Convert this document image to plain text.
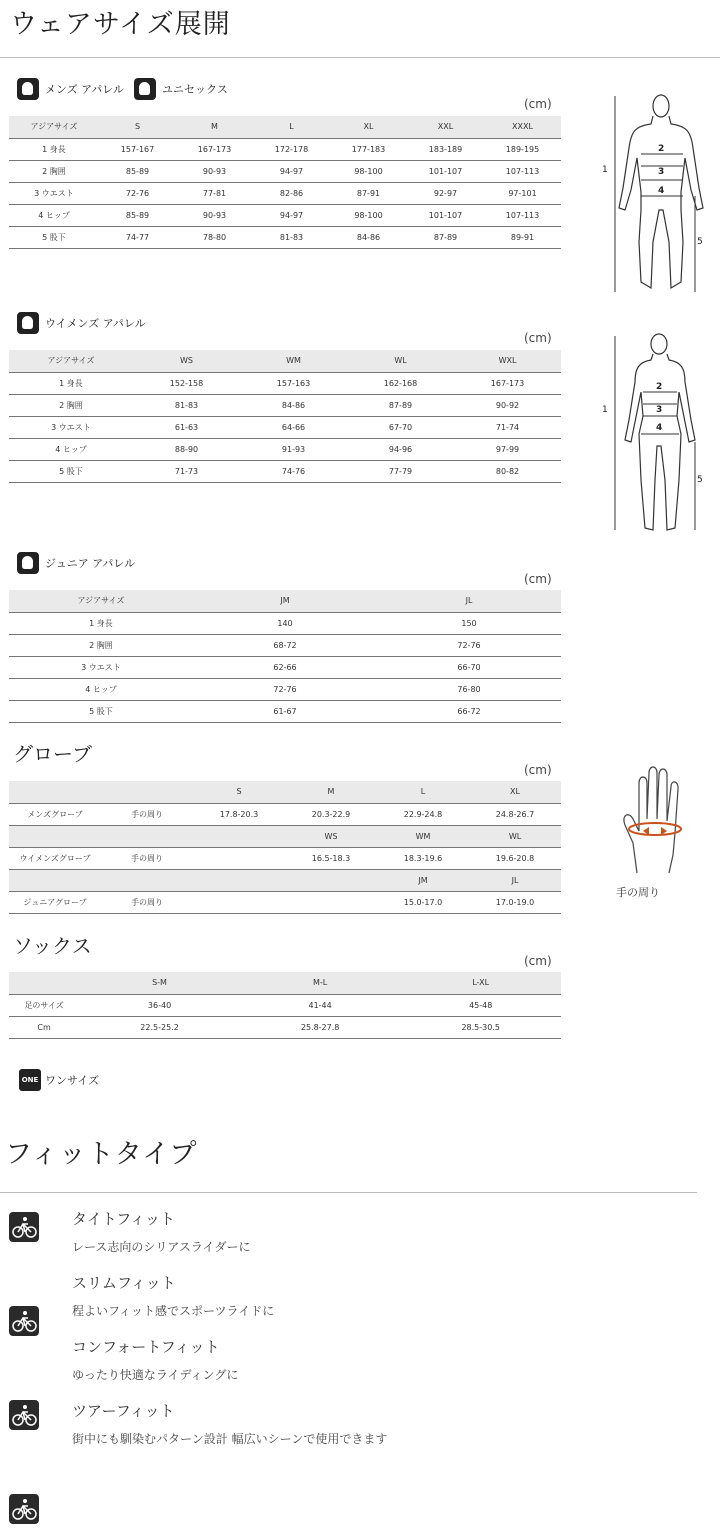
ウェアサイズ展開
メンズ アパレル	ユニセックス
(cm)
アジアサイズ	S	M	L	XL	XXL	XXXL
1 身長	157-167	167-173	172-178	177-183	183-189	189-195
2 胸囲	85-89	90-93	94-97	98-100	101-107	107-113
3 ウエスト	72-76	77-81	82-86	87-91	92-97	97-101
4 ヒップ	85-89	90-93	94-97	98-100	101-107	107-113
5 股下	74-77	78-80	81-83	84-86	87-89	89-91
1
2
3
4
5
ウイメンズ アパレル
(cm)
アジアサイズ	WS	WM	WL	WXL
1 身長	152-158	157-163	162-168	167-173
2 胸囲	81-83	84-86	87-89	90-92
3 ウエスト	61-63	64-66	67-70	71-74
4 ヒップ	88-90	91-93	94-96	97-99
5 股下	71-73	74-76	77-79	80-82
1
2
3
4
5
ジュニア アパレル
(cm)
アジアサイズ	JM	JL
1 身長	140	150
2 胸囲	68-72	72-76
3 ウエスト	62-66	66-70
4 ヒップ	72-76	76-80
5 股下	61-67	66-72
グローブ
(cm)
		S	M	L	XL
メンズグローブ	手の周り	17.8-20.3	20.3-22.9	22.9-24.8	24.8-26.7
			WS	WM	WL
ウイメンズグローブ	手の周り		16.5-18.3	18.3-19.6	19.6-20.8
				JM	JL
ジュニアグローブ	手の周り			15.0-17.0	17.0-19.0
手の周り
ソックス
(cm)
	S-M	M-L	L-XL
足のサイズ	36-40	41-44	45-48
Cm	22.5-25.2	25.8-27.8	28.5-30.5
ONE ワンサイズ
フィットタイプ
タイトフィット
レース志向のシリアスライダーに
スリムフィット
程よいフィット感でスポーツライドに
コンフォートフィット
ゆったり快適なライディングに
ツアーフィット
街中にも馴染むパターン設計 幅広いシーンで使用できます
